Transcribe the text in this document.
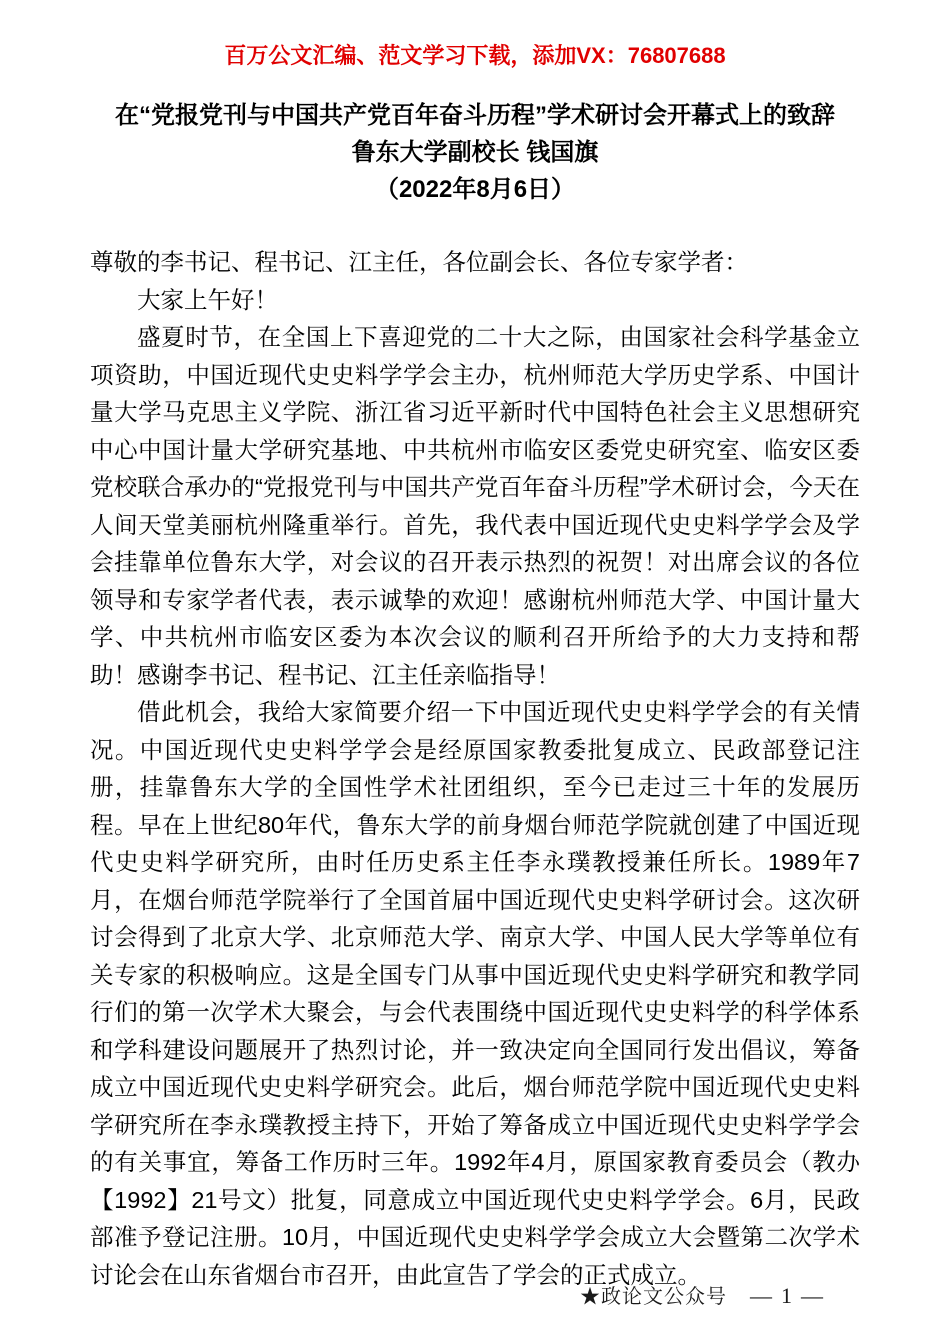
百万公文汇编、范文学习下载，添加VX：76807688
在“党报党刊与中国共产党百年奋斗历程”学术研讨会开幕式上的致辞
鲁东大学副校长 钱国旗
（2022年8月6日）

尊敬的李书记、程书记、江主任，各位副会长、各位专家学者：

大家上午好！

盛夏时节，在全国上下喜迎党的二十大之际，由国家社会科学基金立项资助，中国近现代史史料学学会主办，杭州师范大学历史学系、中国计量大学马克思主义学院、浙江省习近平新时代中国特色社会主义思想研究中心中国计量大学研究基地、中共杭州市临安区委党史研究室、临安区委党校联合承办的“党报党刊与中国共产党百年奋斗历程”学术研讨会，今天在人间天堂美丽杭州隆重举行。首先，我代表中国近现代史史料学学会及学会挂靠单位鲁东大学，对会议的召开表示热烈的祝贺！对出席会议的各位领导和专家学者代表，表示诚挚的欢迎！感谢杭州师范大学、中国计量大学、中共杭州市临安区委为本次会议的顺利召开所给予的大力支持和帮助！感谢李书记、程书记、江主任亲临指导！

借此机会，我给大家简要介绍一下中国近现代史史料学学会的有关情况。中国近现代史史料学学会是经原国家教委批复成立、民政部登记注册，挂靠鲁东大学的全国性学术社团组织，至今已走过三十年的发展历程。早在上世纪80年代，鲁东大学的前身烟台师范学院就创建了中国近现代史史料学研究所，由时任历史系主任李永璞教授兼任所长。1989年7月，在烟台师范学院举行了全国首届中国近现代史史料学研讨会。这次研讨会得到了北京大学、北京师范大学、南京大学、中国人民大学等单位有关专家的积极响应。这是全国专门从事中国近现代史史料学研究和教学同行们的第一次学术大聚会，与会代表围绕中国近现代史史料学的科学体系和学科建设问题展开了热烈讨论，并一致决定向全国同行发出倡议，筹备成立中国近现代史史料学研究会。此后，烟台师范学院中国近现代史史料学研究所在李永璞教授主持下，开始了筹备成立中国近现代史史料学学会的有关事宜，筹备工作历时三年。1992年4月，原国家教育委员会（教办【1992】21号文）批复，同意成立中国近现代史史料学学会。6月，民政部准予登记注册。10月，中国近现代史史料学学会成立大会暨第二次学术讨论会在山东省烟台市召开，由此宣告了学会的正式成立。

★政论文公众号 — 1 —
